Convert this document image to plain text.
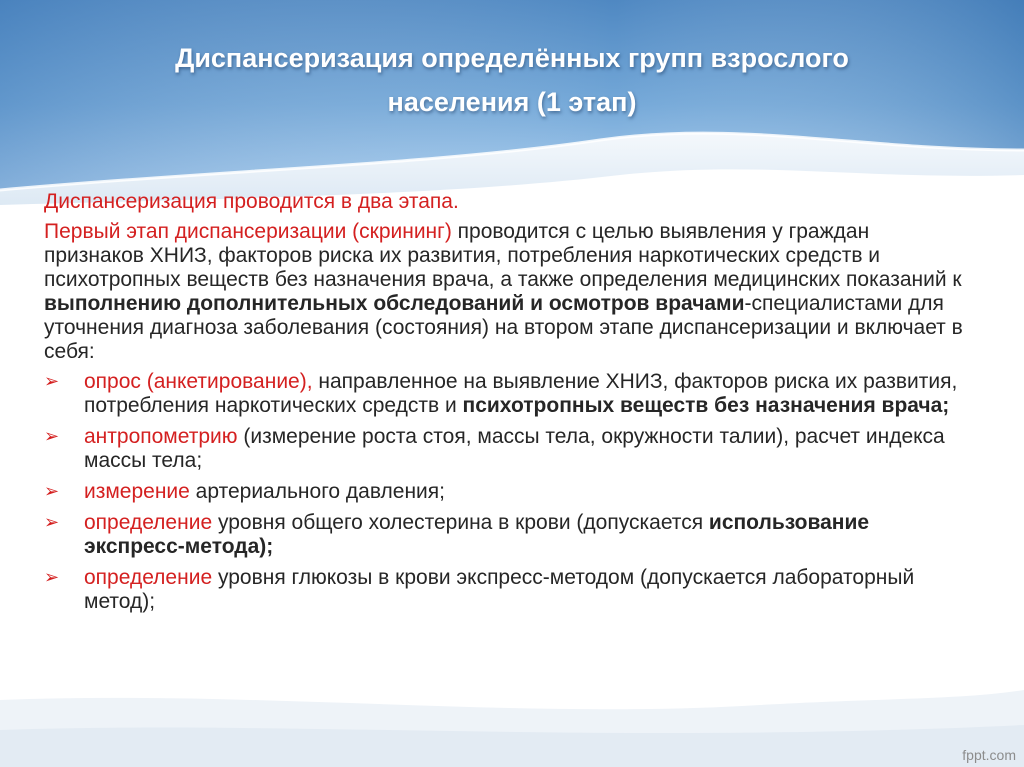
Диспансеризация определённых групп взрослого
населения (1 этап)

Диспансеризация проводится в два этапа.

Первый этап диспансеризации (скрининг) проводится с целью выявления у граждан признаков ХНИЗ, факторов риска их развития, потребления наркотических средств и психотропных веществ без назначения врача, а также определения медицинских показаний к выполнению дополнительных обследований и осмотров врачами-специалистами для уточнения диагноза заболевания (состояния) на втором этапе диспансеризации и включает в себя:

➢ опрос (анкетирование), направленное на выявление ХНИЗ, факторов риска их развития, потребления наркотических средств и психотропных веществ без назначения врача;
➢ антропометрию (измерение роста стоя, массы тела, окружности талии), расчет индекса массы тела;
➢ измерение артериального давления;
➢ определение уровня общего холестерина в крови (допускается использование экспресс-метода);
➢ определение уровня глюкозы в крови экспресс-методом (допускается лабораторный метод);
fppt.com
